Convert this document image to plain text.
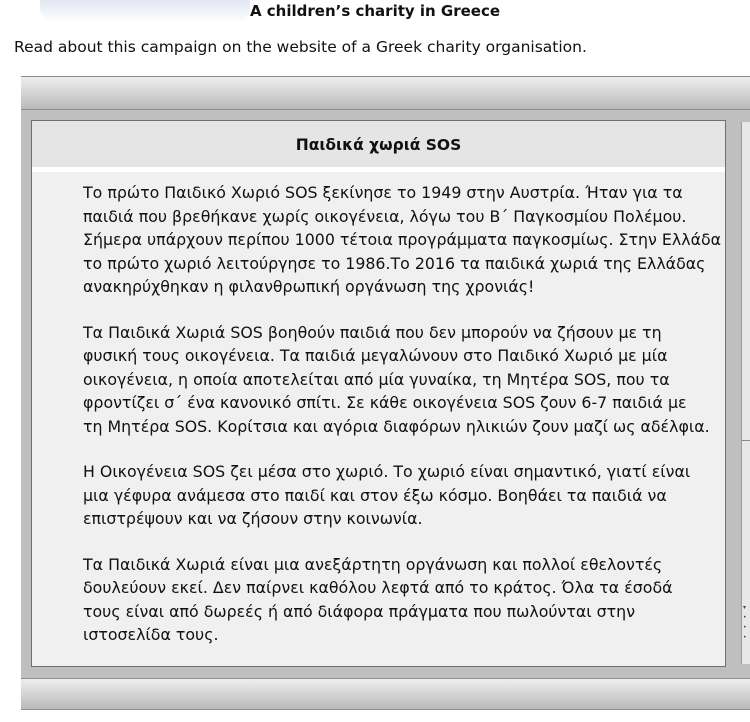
A children’s charity in Greece
Read about this campaign on the website of a Greek charity organisation.
Παιδικά χωριά SOS

Το πρώτο Παιδικό Χωριό SOS ξεκίνησε το 1949 στην Αυστρία. Ήταν για τα
παιδιά που βρεθήκανε χωρίς οικογένεια, λόγω του Β΄ Παγκοσμίου Πολέμου.
Σήμερα υπάρχουν περίπου 1000 τέτοια προγράμματα παγκοσμίως. Στην Ελλάδα
το πρώτο χωριό λειτούργησε το 1986.Το 2016 τα παιδικά χωριά της Ελλάδας
ανακηρύχθηκαν η φιλανθρωπική οργάνωση της χρονιάς!

Τα Παιδικά Χωριά SOS βοηθούν παιδιά που δεν μπορούν να ζήσουν με τη
φυσική τους οικογένεια. Τα παιδιά μεγαλώνουν στο Παιδικό Χωριό με μία
οικογένεια, η οποία αποτελείται από μία γυναίκα, τη Μητέρα SOS, που τα
φροντίζει σ΄ ένα κανονικό σπίτι. Σε κάθε οικογένεια SOS ζουν 6-7 παιδιά με
τη Μητέρα SOS. Κορίτσια και αγόρια διαφόρων ηλικιών ζουν μαζί ως αδέλφια.

Η Οικογένεια SOS ζει μέσα στο χωριό. Το χωριό είναι σημαντικό, γιατί είναι
μια γέφυρα ανάμεσα στο παιδί και στον έξω κόσμο. Βοηθάει τα παιδιά να
επιστρέψουν και να ζήσουν στην κοινωνία.

Τα Παιδικά Χωριά είναι μια ανεξάρτητη οργάνωση και πολλοί εθελοντές
δουλεύουν εκεί. Δεν παίρνει καθόλου λεφτά από το κράτος. Όλα τα έσοδά
τους είναι από δωρεές ή από διάφορα πράγματα που πωλούνται στην
ιστοσελίδα τους.

▾
•
•
•
